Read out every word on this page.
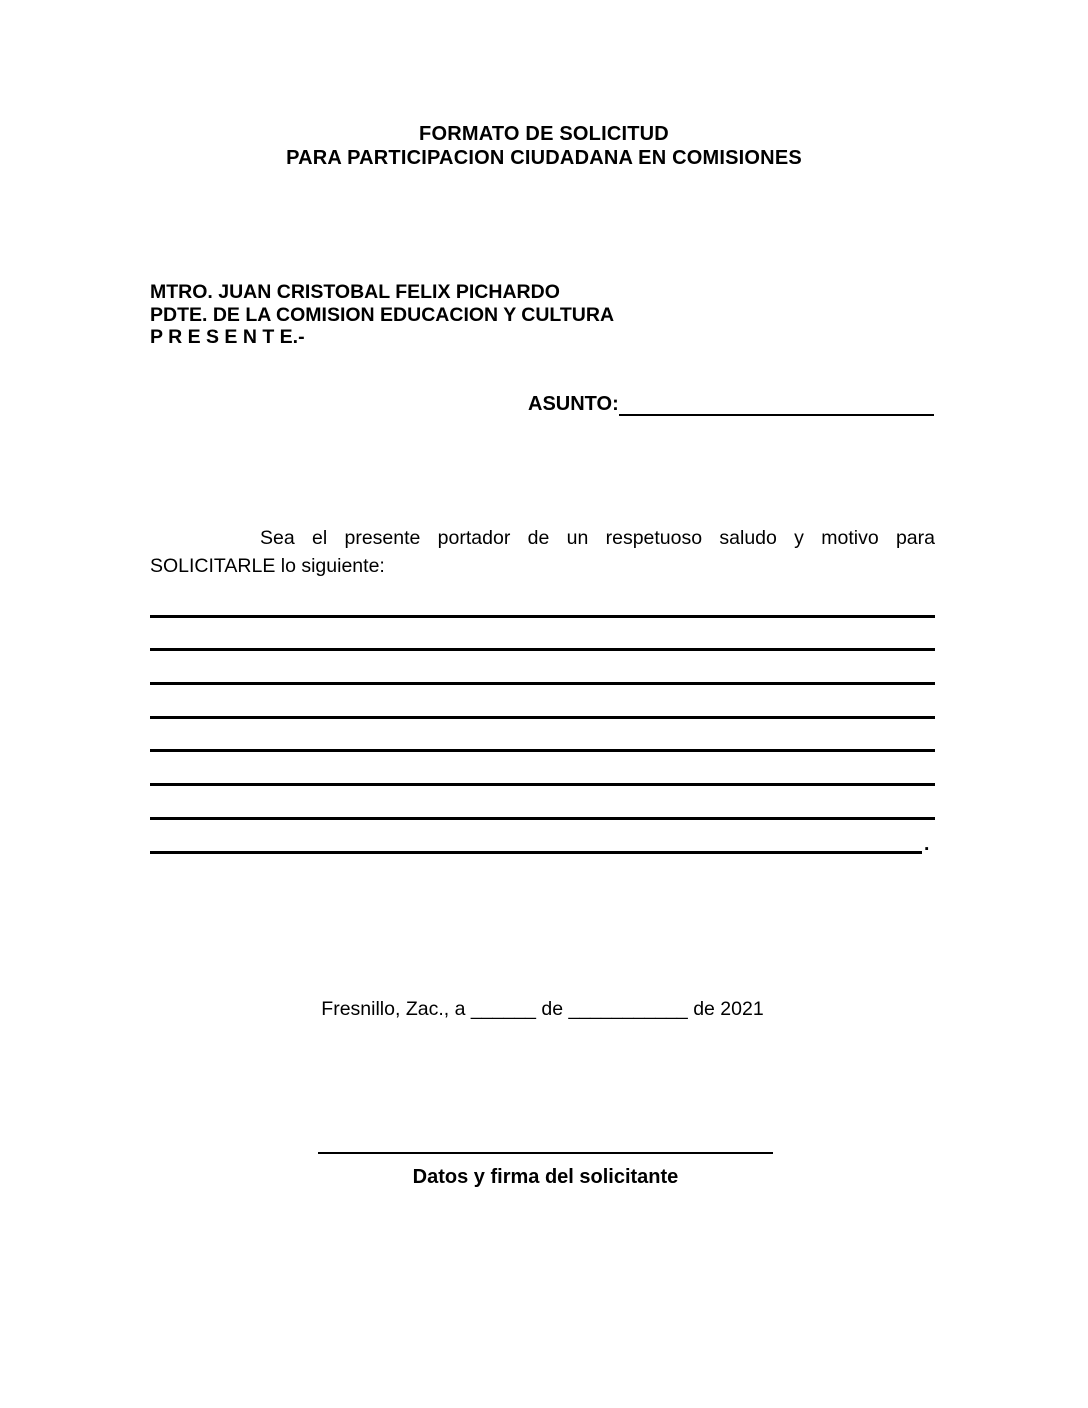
FORMATO DE SOLICITUD
PARA PARTICIPACION CIUDADANA EN COMISIONES
MTRO. JUAN CRISTOBAL FELIX PICHARDO
PDTE. DE LA COMISION EDUCACION Y CULTURA
P R E S E N T E.-
ASUNTO:
Sea el presente portador de un respetuoso saludo y motivo para
SOLICITARLE lo siguiente:
.
Fresnillo, Zac., a ______ de ___________ de 2021
Datos y firma del solicitante
